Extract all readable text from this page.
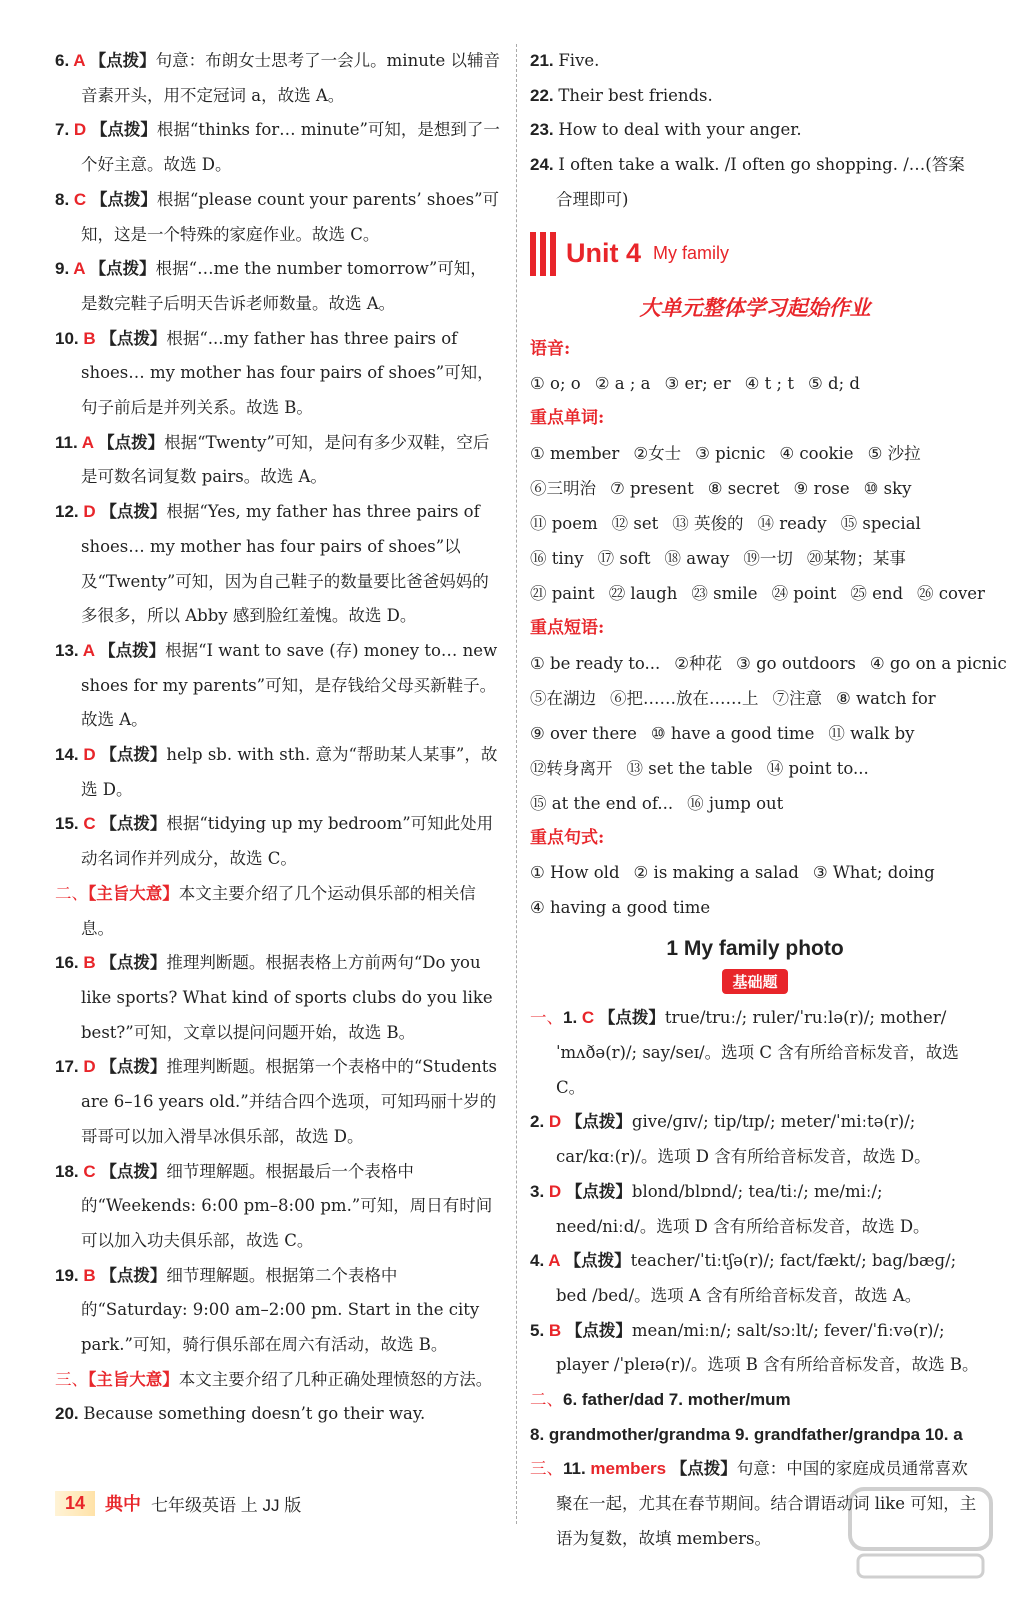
6. A 【点拨】句意：布朗女士思考了一会儿。minute 以辅音音素开头，用不定冠词 a，故选 A。

7. D 【点拨】根据“thinks for… minute”可知，是想到了一个好主意。故选 D。

8. C 【点拨】根据“please count your parents’ shoes”可知，这是一个特殊的家庭作业。故选 C。

9. A 【点拨】根据“…me the number tomorrow”可知，是数完鞋子后明天告诉老师数量。故选 A。

10. B 【点拨】根据“...my father has three pairs of shoes… my mother has four pairs of shoes”可知，句子前后是并列关系。故选 B。

11. A 【点拨】根据“Twenty”可知，是问有多少双鞋，空后是可数名词复数 pairs。故选 A。

12. D 【点拨】根据“Yes, my father has three pairs of shoes… my mother has four pairs of shoes”以及“Twenty”可知，因为自己鞋子的数量要比爸爸妈妈的多很多，所以 Abby 感到脸红羞愧。故选 D。

13. A 【点拨】根据“I want to save (存) money to… new shoes for my parents”可知，是存钱给父母买新鞋子。故选 A。

14. D 【点拨】help sb. with sth. 意为“帮助某人某事”，故选 D。

15. C 【点拨】根据“tidying up my bedroom”可知此处用动名词作并列成分，故选 C。

二、【主旨大意】本文主要介绍了几个运动俱乐部的相关信息。

16. B 【点拨】推理判断题。根据表格上方前两句“Do you like sports? What kind of sports clubs do you like best?”可知，文章以提问问题开始，故选 B。

17. D 【点拨】推理判断题。根据第一个表格中的“Students are 6–16 years old.”并结合四个选项，可知玛丽十岁的哥哥可以加入滑旱冰俱乐部，故选 D。

18. C 【点拨】细节理解题。根据最后一个表格中的“Weekends: 6:00 pm–8:00 pm.”可知，周日有时间可以加入功夫俱乐部，故选 C。

19. B 【点拨】细节理解题。根据第二个表格中的“Saturday: 9:00 am–2:00 pm. Start in the city park.”可知，骑行俱乐部在周六有活动，故选 B。

三、【主旨大意】本文主要介绍了几种正确处理愤怒的方法。

20. Because something doesn’t go their way.

21. Five.

22. Their best friends.

23. How to deal with your anger.

24. I often take a walk. /I often go shopping. /…(答案合理即可)

Unit 4 My family
大单元整体学习起始作业

语音:

① o; o ② a ; a ③ er; er ④ t ; t ⑤ d; d

重点单词:

① member ②女士 ③ picnic ④ cookie ⑤ 沙拉

⑥三明治 ⑦ present ⑧ secret ⑨ rose ⑩ sky

⑪ poem ⑫ set ⑬ 英俊的 ⑭ ready ⑮ special

⑯ tiny ⑰ soft ⑱ away ⑲一切 ⑳某物；某事

㉑ paint ㉒ laugh ㉓ smile ㉔ point ㉕ end ㉖ cover

重点短语:

① be ready to... ②种花 ③ go outdoors ④ go on a picnic

⑤在湖边 ⑥把……放在……上 ⑦注意 ⑧ watch for

⑨ over there ⑩ have a good time ⑪ walk by

⑫转身离开 ⑬ set the table ⑭ point to...

⑮ at the end of... ⑯ jump out

重点句式:

① How old ② is making a salad ③ What; doing

④ having a good time

1 My family photo
基础题

一、1. C 【点拨】true/truː/; ruler/ˈruːlə(r)/; mother/ˈmʌðə(r)/; say/seɪ/。选项 C 含有所给音标发音，故选 C。

2. D 【点拨】give/ɡɪv/; tip/tɪp/; meter/ˈmiːtə(r)/; car/kɑː(r)/。选项 D 含有所给音标发音，故选 D。

3. D 【点拨】blond/blɒnd/; tea/tiː/; me/miː/; need/niːd/。选项 D 含有所给音标发音，故选 D。

4. A 【点拨】teacher/ˈtiːtʃə(r)/; fact/fækt/; bag/bæɡ/; bed /bed/。选项 A 含有所给音标发音，故选 A。

5. B 【点拨】mean/miːn/; salt/sɔːlt/; fever/ˈfiːvə(r)/; player /ˈpleɪə(r)/。选项 B 含有所给音标发音，故选 B。

二、6. father/dad 7. mother/mum

8. grandmother/grandma 9. grandfather/grandpa 10. a

三、11. members 【点拨】句意：中国的家庭成员通常喜欢聚在一起，尤其在春节期间。结合谓语动词 like 可知，主语为复数，故填 members。

14	典中 七年级英语 上 JJ 版
